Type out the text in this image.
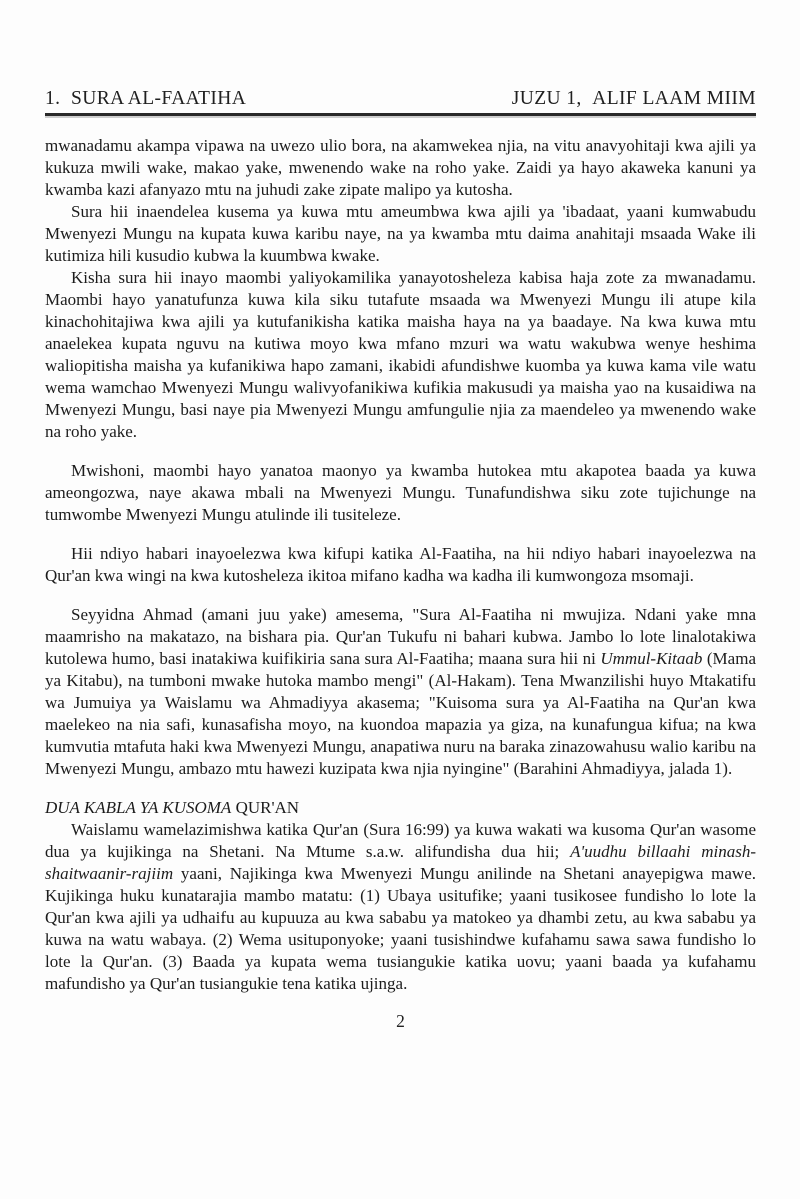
1.  SURA AL-FAATIHA	JUZU 1,  ALIF LAAM MIIM

mwanadamu akampa vipawa na uwezo ulio bora, na akamwekea njia, na vitu anavyohitaji kwa ajili ya kukuza mwili wake, makao yake, mwenendo wake na roho yake. Zaidi ya hayo akaweka kanuni ya kwamba kazi afanyazo mtu na juhudi zake zipate malipo ya kutosha.

Sura hii inaendelea kusema ya kuwa mtu ameumbwa kwa ajili ya 'ibadaat, yaani kumwabudu Mwenyezi Mungu na kupata kuwa karibu naye, na ya kwamba mtu daima anahitaji msaada Wake ili kutimiza hili kusudio kubwa la kuumbwa kwake.

Kisha sura hii inayo maombi yaliyokamilika yanayotosheleza kabisa haja zote za mwanadamu. Maombi hayo yanatufunza kuwa kila siku tutafute msaada wa Mwenyezi Mungu ili atupe kila kinachohitajiwa kwa ajili ya kutufanikisha katika maisha haya na ya baadaye. Na kwa kuwa mtu anaelekea kupata nguvu na kutiwa moyo kwa mfano mzuri wa watu wakubwa wenye heshima waliopitisha maisha ya kufanikiwa hapo zamani, ikabidi afundishwe kuomba ya kuwa kama vile watu wema wamchao Mwenyezi Mungu walivyofanikiwa kufikia makusudi ya maisha yao na kusaidiwa na Mwenyezi Mungu, basi naye pia Mwenyezi Mungu amfungulie njia za maendeleo ya mwenendo wake na roho yake.

Mwishoni, maombi hayo yanatoa maonyo ya kwamba hutokea mtu akapotea baada ya kuwa ameongozwa, naye akawa mbali na Mwenyezi Mungu. Tunafundishwa siku zote tujichunge na tumwombe Mwenyezi Mungu atulinde ili tusiteleze.

Hii ndiyo habari inayoelezwa kwa kifupi katika Al-Faatiha, na hii ndiyo habari inayoelezwa na Qur'an kwa wingi na kwa kutosheleza ikitoa mifano kadha wa kadha ili kumwongoza msomaji.

Seyyidna Ahmad (amani juu yake) amesema, "Sura Al-Faatiha ni mwujiza. Ndani yake mna maamrisho na makatazo, na bishara pia. Qur'an Tukufu ni bahari kubwa. Jambo lo lote linalotakiwa kutolewa humo, basi inatakiwa kuifikiria sana sura Al-Faatiha; maana sura hii ni Ummul-Kitaab (Mama ya Kitabu), na tumboni mwake hutoka mambo mengi" (Al-Hakam). Tena Mwanzilishi huyo Mtakatifu wa Jumuiya ya Waislamu wa Ahmadiyya akasema; "Kuisoma sura ya Al-Faatiha na Qur'an kwa maelekeo na nia safi, kunasafisha moyo, na kuondoa mapazia ya giza, na kunafungua kifua; na kwa kumvutia mtafuta haki kwa Mwenyezi Mungu, anapatiwa nuru na baraka zinazowahusu walio karibu na Mwenyezi Mungu, ambazo mtu hawezi kuzipata kwa njia nyingine" (Barahini Ahmadiyya, jalada 1).

DUA KABLA YA KUSOMA QUR'AN

Waislamu wamelazimishwa katika Qur'an (Sura 16:99) ya kuwa wakati wa kusoma Qur'an wasome dua ya kujikinga na Shetani. Na Mtume s.a.w. alifundisha dua hii; A'uudhu billaahi minash-shaitwaanir-rajiim yaani, Najikinga kwa Mwenyezi Mungu anilinde na Shetani anayepigwa mawe. Kujikinga huku kunatarajia mambo matatu: (1) Ubaya usitufike; yaani tusikosee fundisho lo lote la Qur'an kwa ajili ya udhaifu au kupuuza au kwa sababu ya matokeo ya dhambi zetu, au kwa sababu ya kuwa na watu wabaya. (2) Wema usituponyoke; yaani tusishindwe kufahamu sawa sawa fundisho lo lote la Qur'an. (3) Baada ya kupata wema tusiangukie katika uovu; yaani baada ya kufahamu mafundisho ya Qur'an tusiangukie tena katika ujinga.

2
